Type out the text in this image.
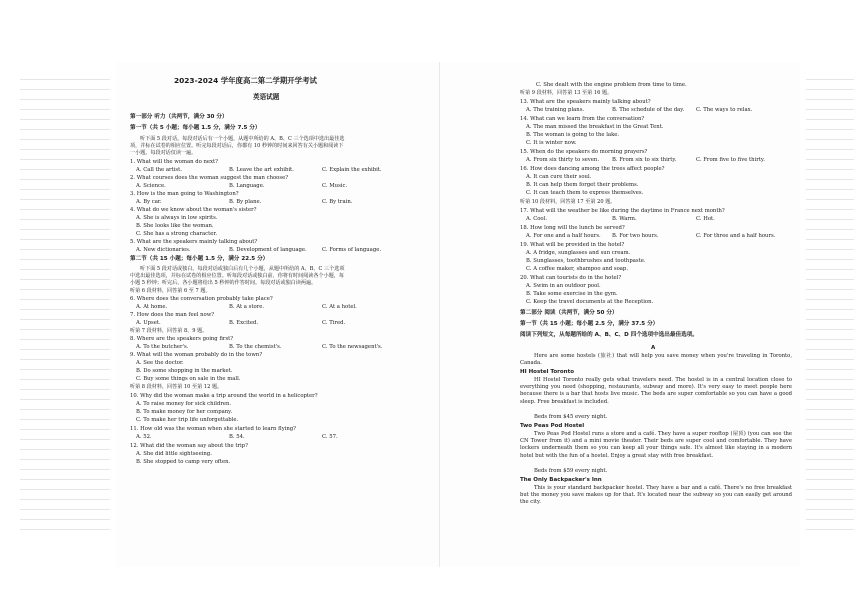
2023-2024 学年度高二第二学期开学考试
英语试题
第一部分 听力（共两节，满分 30 分）
第一节（共 5 小题；每小题 1.5 分，满分 7.5 分）
听下面 5 段对话。每段对话后有一个小题，从题中所给的 A、B、C 三个选项中选出最佳选
项，并标在试卷的相应位置。听完每段对话后，你都有 10 秒钟的时间来回答有关小题和阅读下
一小题。每段对话仅读一遍。
1. What will the woman do next?
A. Call the artist.	B. Leave the art exhibit.	C. Explain the exhibit.
2. What courses does the woman suggest the man choose?
A. Science.	B. Language.	C. Music.
3. How is the man going to Washington?
A. By car.	B. By plane.	C. By train.
4. What do we know about the woman's sister?
A. She is always in low spirits.
B. She looks like the woman.
C. She has a strong character.
5. What are the speakers mainly talking about?
A. New dictionaries.	B. Development of language.	C. Forms of language.
第二节（共 15 小题；每小题 1.5 分，满分 22.5 分）
听下面 5 段对话或独白。每段对话或独白后有几个小题，从题中所给的 A、B、C 三个选项
中选出最佳选项，并标在试卷的相应位置。听每段对话或独白前，你将有时间阅读各个小题，每
小题 5 秒钟；听完后，各小题将给出 5 秒钟的作答时间。每段对话或独白读两遍。
听第 6 段材料，回答第 6 至 7 题。
6. Where does the conversation probably take place?
A. At home.	B. At a store.	C. At a hotel.
7. How does the man feel now?
A. Upset.	B. Excited.	C. Tired.
听第 7 段材料，回答第 8、9 题。
8. Where are the speakers going first?
A. To the butcher's.	B. To the chemist's.	C. To the newsagent's.
9. What will the woman probably do in the town?
A. See the doctor.
B. Do some shopping in the market.
C. Buy some things on sale in the mall.
听第 8 段材料，回答第 10 至第 12 题。
10. Why did the woman make a trip around the world in a helicopter?
A. To raise money for sick children.
B. To make money for her company.
C. To make her trip life unforgettable.
11. How old was the woman when she started to learn flying?
A. 52.	B. 54.	C. 57.
12. What did the woman say about the trip?
A. She did little sightseeing.
B. She stopped to camp very often.
C. She dealt with the engine problem from time to time.
听第 9 段材料，回答第 13 至第 16 题。
13. What are the speakers mainly talking about?
A. The training plans.	B. The schedule of the day. C. The ways to relax.
14. What can we learn from the conversation?
A. The man missed the breakfast in the Great Tent.
B. The woman is going to the lake.
C. It is winter now.
15. When do the speakers do morning prayers?
A. From six thirty to seven. B. From six to six thirty.	C. From five to five thirty.
16. How does dancing among the trees affect people?
A. It can cure their soul.
B. It can help them forget their problems.
C. It can teach them to express themselves.
听第 10 段材料，回答第 17 至第 20 题。
17. What will the weather be like during the daytime in France next month?
A. Cool.	B. Warm.	C. Hot.
18. How long will the lunch be served?
A. For one and a half hours. B. For two hours.	C. For three and a half hours.
19. What will be provided in the hotel?
A. A fridge, sunglasses and sun cream.
B. Sunglasses, toothbrushes and toothpaste.
C. A coffee maker, shampoo and soap.
20. What can tourists do in the hotel?
A. Swim in an outdoor pool.
B. Take some exercise in the gym.
C. Keep the travel documents at the Reception.
第二部分 阅读（共两节，满分 50 分）
第一节（共 15 小题；每小题 2.5 分，满分 37.5 分）
阅读下列短文，从每题所给的 A、B、C、D 四个选项中选出最佳选项。
A
Here are some hostels (旅社) that will help you save money when you're traveling in Toronto, Canada.
HI Hostel Toronto
HI Hostel Toronto really gets what travelers need. The hostel is in a central location close to everything you need (shopping, restaurants, subway and more). It's very easy to meet people here because there is a bar that hosts live music. The beds are super comfortable so you can have a good sleep. Free breakfast is included.
Beds from $45 every night.
Two Peas Pod Hostel
Two Peas Pod Hostel runs a store and a café. They have a super rooftop (屋顶) (you can see the CN Tower from it) and a mini movie theater. Their beds are super cool and comfortable. They have lockers underneath them so you can keep all your things safe. It's almost like staying in a modern hotel but with the fun of a hostel. Enjoy a great stay with free breakfast.
Beds from $59 every night.
The Only Backpacker's Inn
This is your standard backpacker hostel. They have a bar and a café. There's no free breakfast but the money you save makes up for that. It's located near the subway so you can easily get around the city.
